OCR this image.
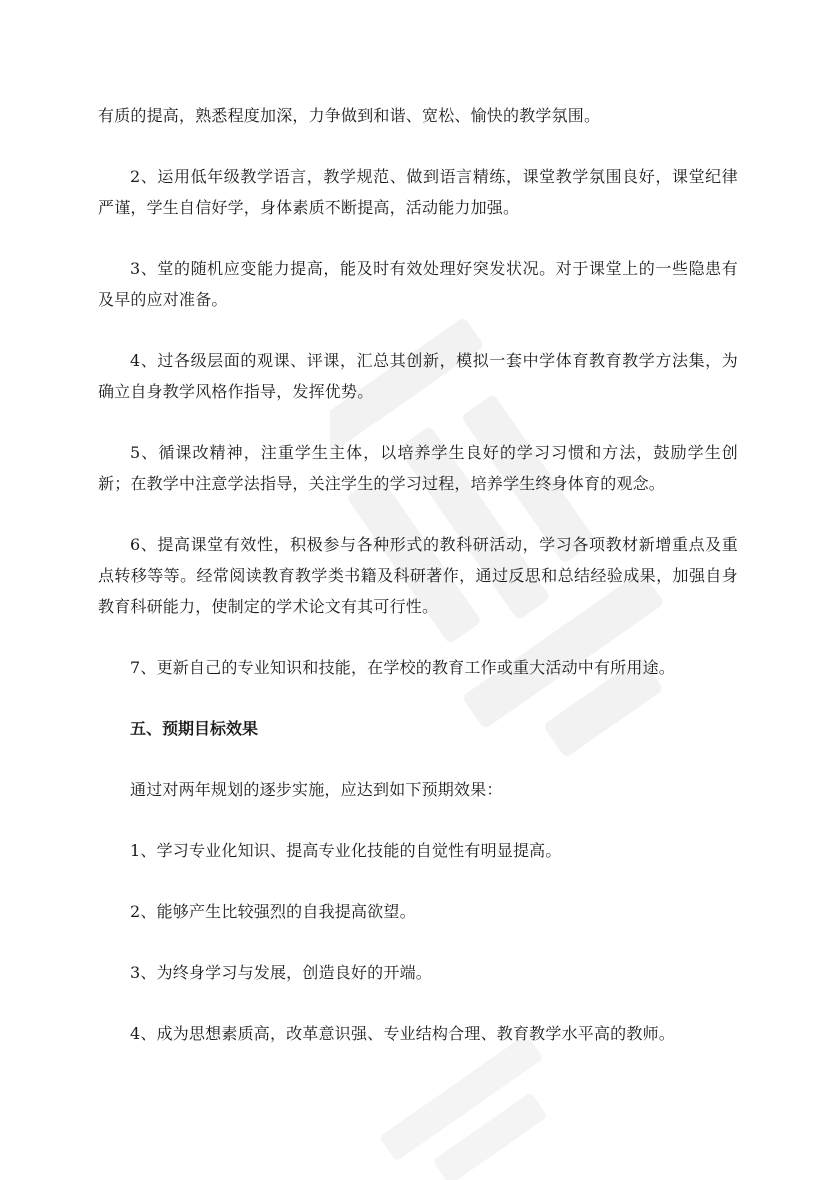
有质的提高，熟悉程度加深，力争做到和谐、宽松、愉快的教学氛围。

2、运用低年级教学语言，教学规范、做到语言精练，课堂教学氛围良好，课堂纪律严谨，学生自信好学，身体素质不断提高，活动能力加强。

3、堂的随机应变能力提高，能及时有效处理好突发状况。对于课堂上的一些隐患有及早的应对准备。

4、过各级层面的观课、评课，汇总其创新，模拟一套中学体育教育教学方法集，为确立自身教学风格作指导，发挥优势。

5、循课改精神，注重学生主体，以培养学生良好的学习习惯和方法，鼓励学生创新；在教学中注意学法指导，关注学生的学习过程，培养学生终身体育的观念。

6、提高课堂有效性，积极参与各种形式的教科研活动，学习各项教材新增重点及重点转移等等。经常阅读教育教学类书籍及科研著作，通过反思和总结经验成果，加强自身教育科研能力，使制定的学术论文有其可行性。

7、更新自己的专业知识和技能，在学校的教育工作或重大活动中有所用途。

五、预期目标效果

通过对两年规划的逐步实施，应达到如下预期效果：

1、学习专业化知识、提高专业化技能的自觉性有明显提高。

2、能够产生比较强烈的自我提高欲望。

3、为终身学习与发展，创造良好的开端。

4、成为思想素质高，改革意识强、专业结构合理、教育教学水平高的教师。
